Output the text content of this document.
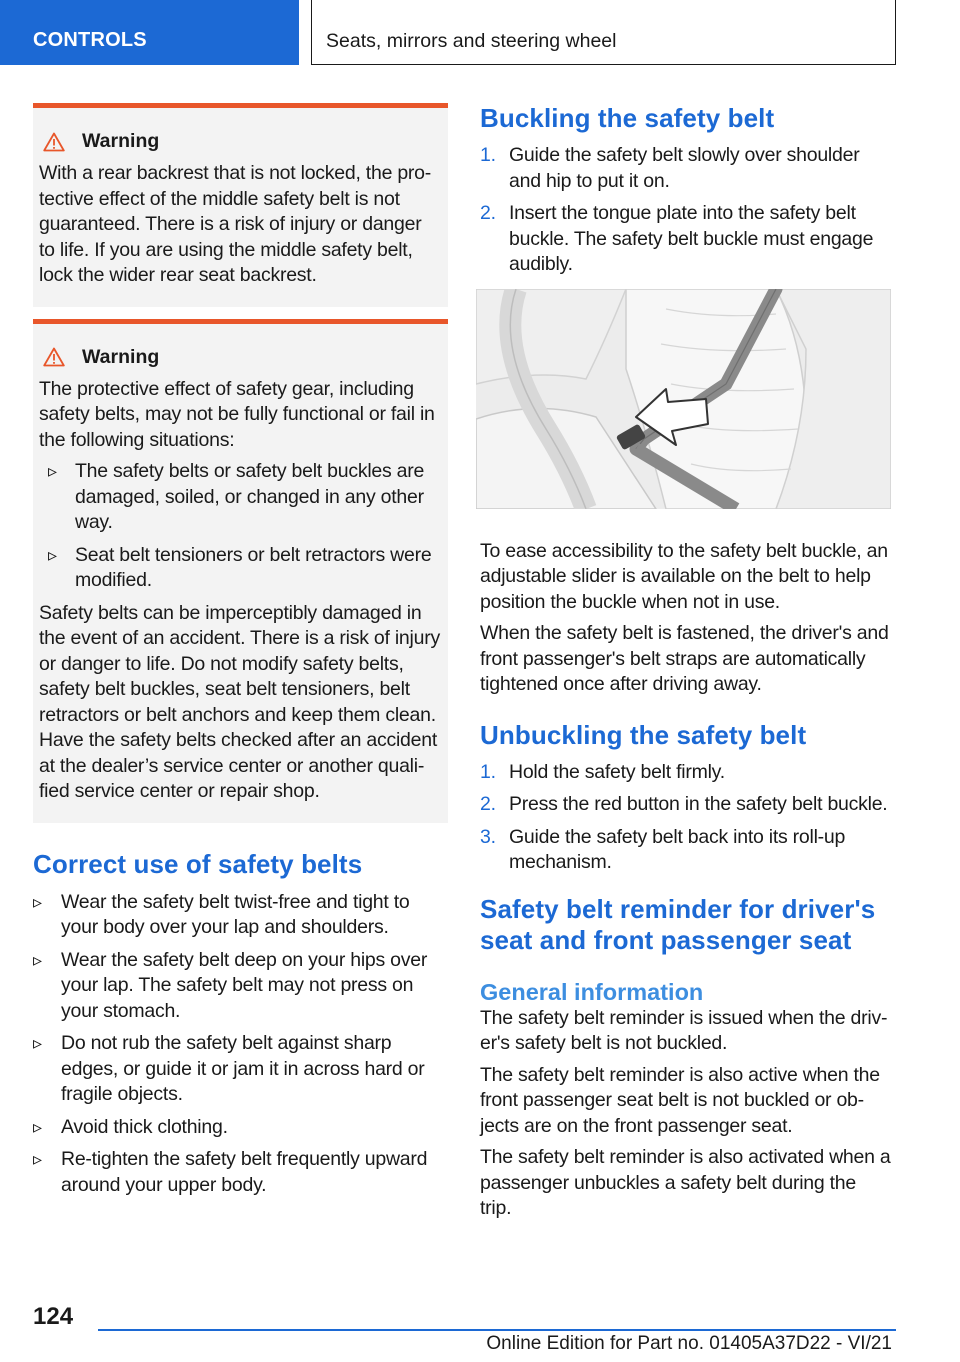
CONTROLS	Seats, mirrors and steering wheel
Warning

With a rear backrest that is not locked, the pro-tective effect of the middle safety belt is not guaranteed. There is a risk of injury or danger to life. If you are using the middle safety belt, lock the wider rear seat backrest.

Warning

The protective effect of safety gear, including safety belts, may not be fully functional or fail in the following situations:

▹ The safety belts or safety belt buckles are damaged, soiled, or changed in any other way.
▹ Seat belt tensioners or belt retractors were modified.

Safety belts can be imperceptibly damaged in the event of an accident. There is a risk of injury or danger to life. Do not modify safety belts, safety belt buckles, seat belt tensioners, belt retractors or belt anchors and keep them clean. Have the safety belts checked after an accident at the dealer’s service center or another quali-fied service center or repair shop.

Correct use of safety belts
▹ Wear the safety belt twist-free and tight to your body over your lap and shoulders.
▹ Wear the safety belt deep on your hips over your lap. The safety belt may not press on your stomach.
▹ Do not rub the safety belt against sharp edges, or guide it or jam it in across hard or fragile objects.
▹ Avoid thick clothing.
▹ Re-tighten the safety belt frequently upward around your upper body.
Buckling the safety belt
1. Guide the safety belt slowly over shoulder and hip to put it on.
2. Insert the tongue plate into the safety belt buckle. The safety belt buckle must engage audibly.

To ease accessibility to the safety belt buckle, an adjustable slider is available on the belt to help position the buckle when not in use.

When the safety belt is fastened, the driver's and front passenger's belt straps are automatically tightened once after driving away.

Unbuckling the safety belt
1. Hold the safety belt firmly.
2. Press the red button in the safety belt buckle.
3. Guide the safety belt back into its roll-up mechanism.
Safety belt reminder for driver's seat and front passenger seat
General information

The safety belt reminder is issued when the driv-er's safety belt is not buckled.

The safety belt reminder is also active when the front passenger seat belt is not buckled or ob-jects are on the front passenger seat.

The safety belt reminder is also activated when a passenger unbuckles a safety belt during the trip.

124
Online Edition for Part no. 01405A37D22 - VI/21
